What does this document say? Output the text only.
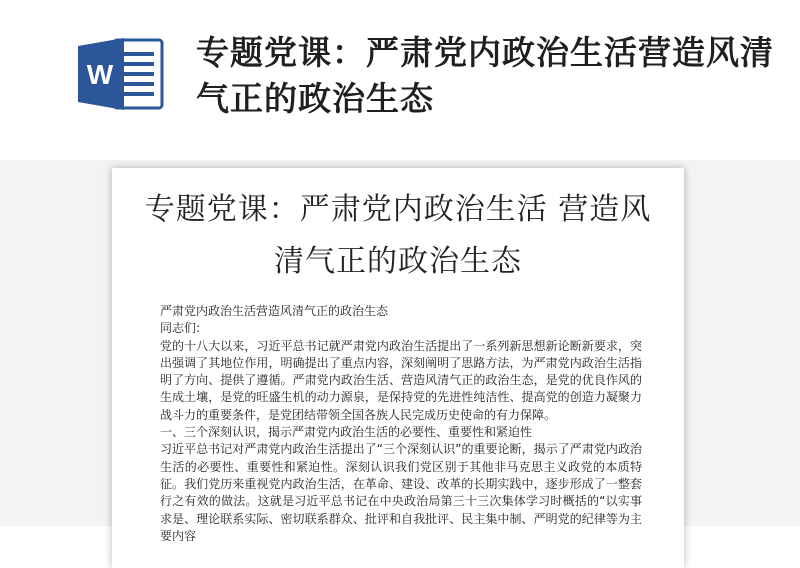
W
专题党课：严肃党内政治生活营造风清气正的政治生态
专题党课：严肃党内政治生活 营造风清气正的政治生态

严肃党内政治生活营造风清气正的政治生态

同志们:

党的十八大以来，习近平总书记就严肃党内政治生活提出了一系列新思想新论断新要求，突出强调了其地位作用，明确提出了重点内容，深刻阐明了思路方法，为严肃党内政治生活指明了方向、提供了遵循。严肃党内政治生活、营造风清气正的政治生态，是党的优良作风的生成土壤，是党的旺盛生机的动力源泉，是保持党的先进性纯洁性、提高党的创造力凝聚力战斗力的重要条件，是党团结带领全国各族人民完成历史使命的有力保障。

一、三个深刻认识，揭示严肃党内政治生活的必要性、重要性和紧迫性

习近平总书记对严肃党内政治生活提出了“三个深刻认识”的重要论断，揭示了严肃党内政治生活的必要性、重要性和紧迫性。深刻认识我们党区别于其他非马克思主义政党的本质特征。我们党历来重视党内政治生活，在革命、建设、改革的长期实践中，逐步形成了一整套行之有效的做法。这就是习近平总书记在中央政治局第三十三次集体学习时概括的“以实事求是、理论联系实际、密切联系群众、批评和自我批评、民主集中制、严明党的纪律等为主要内容
